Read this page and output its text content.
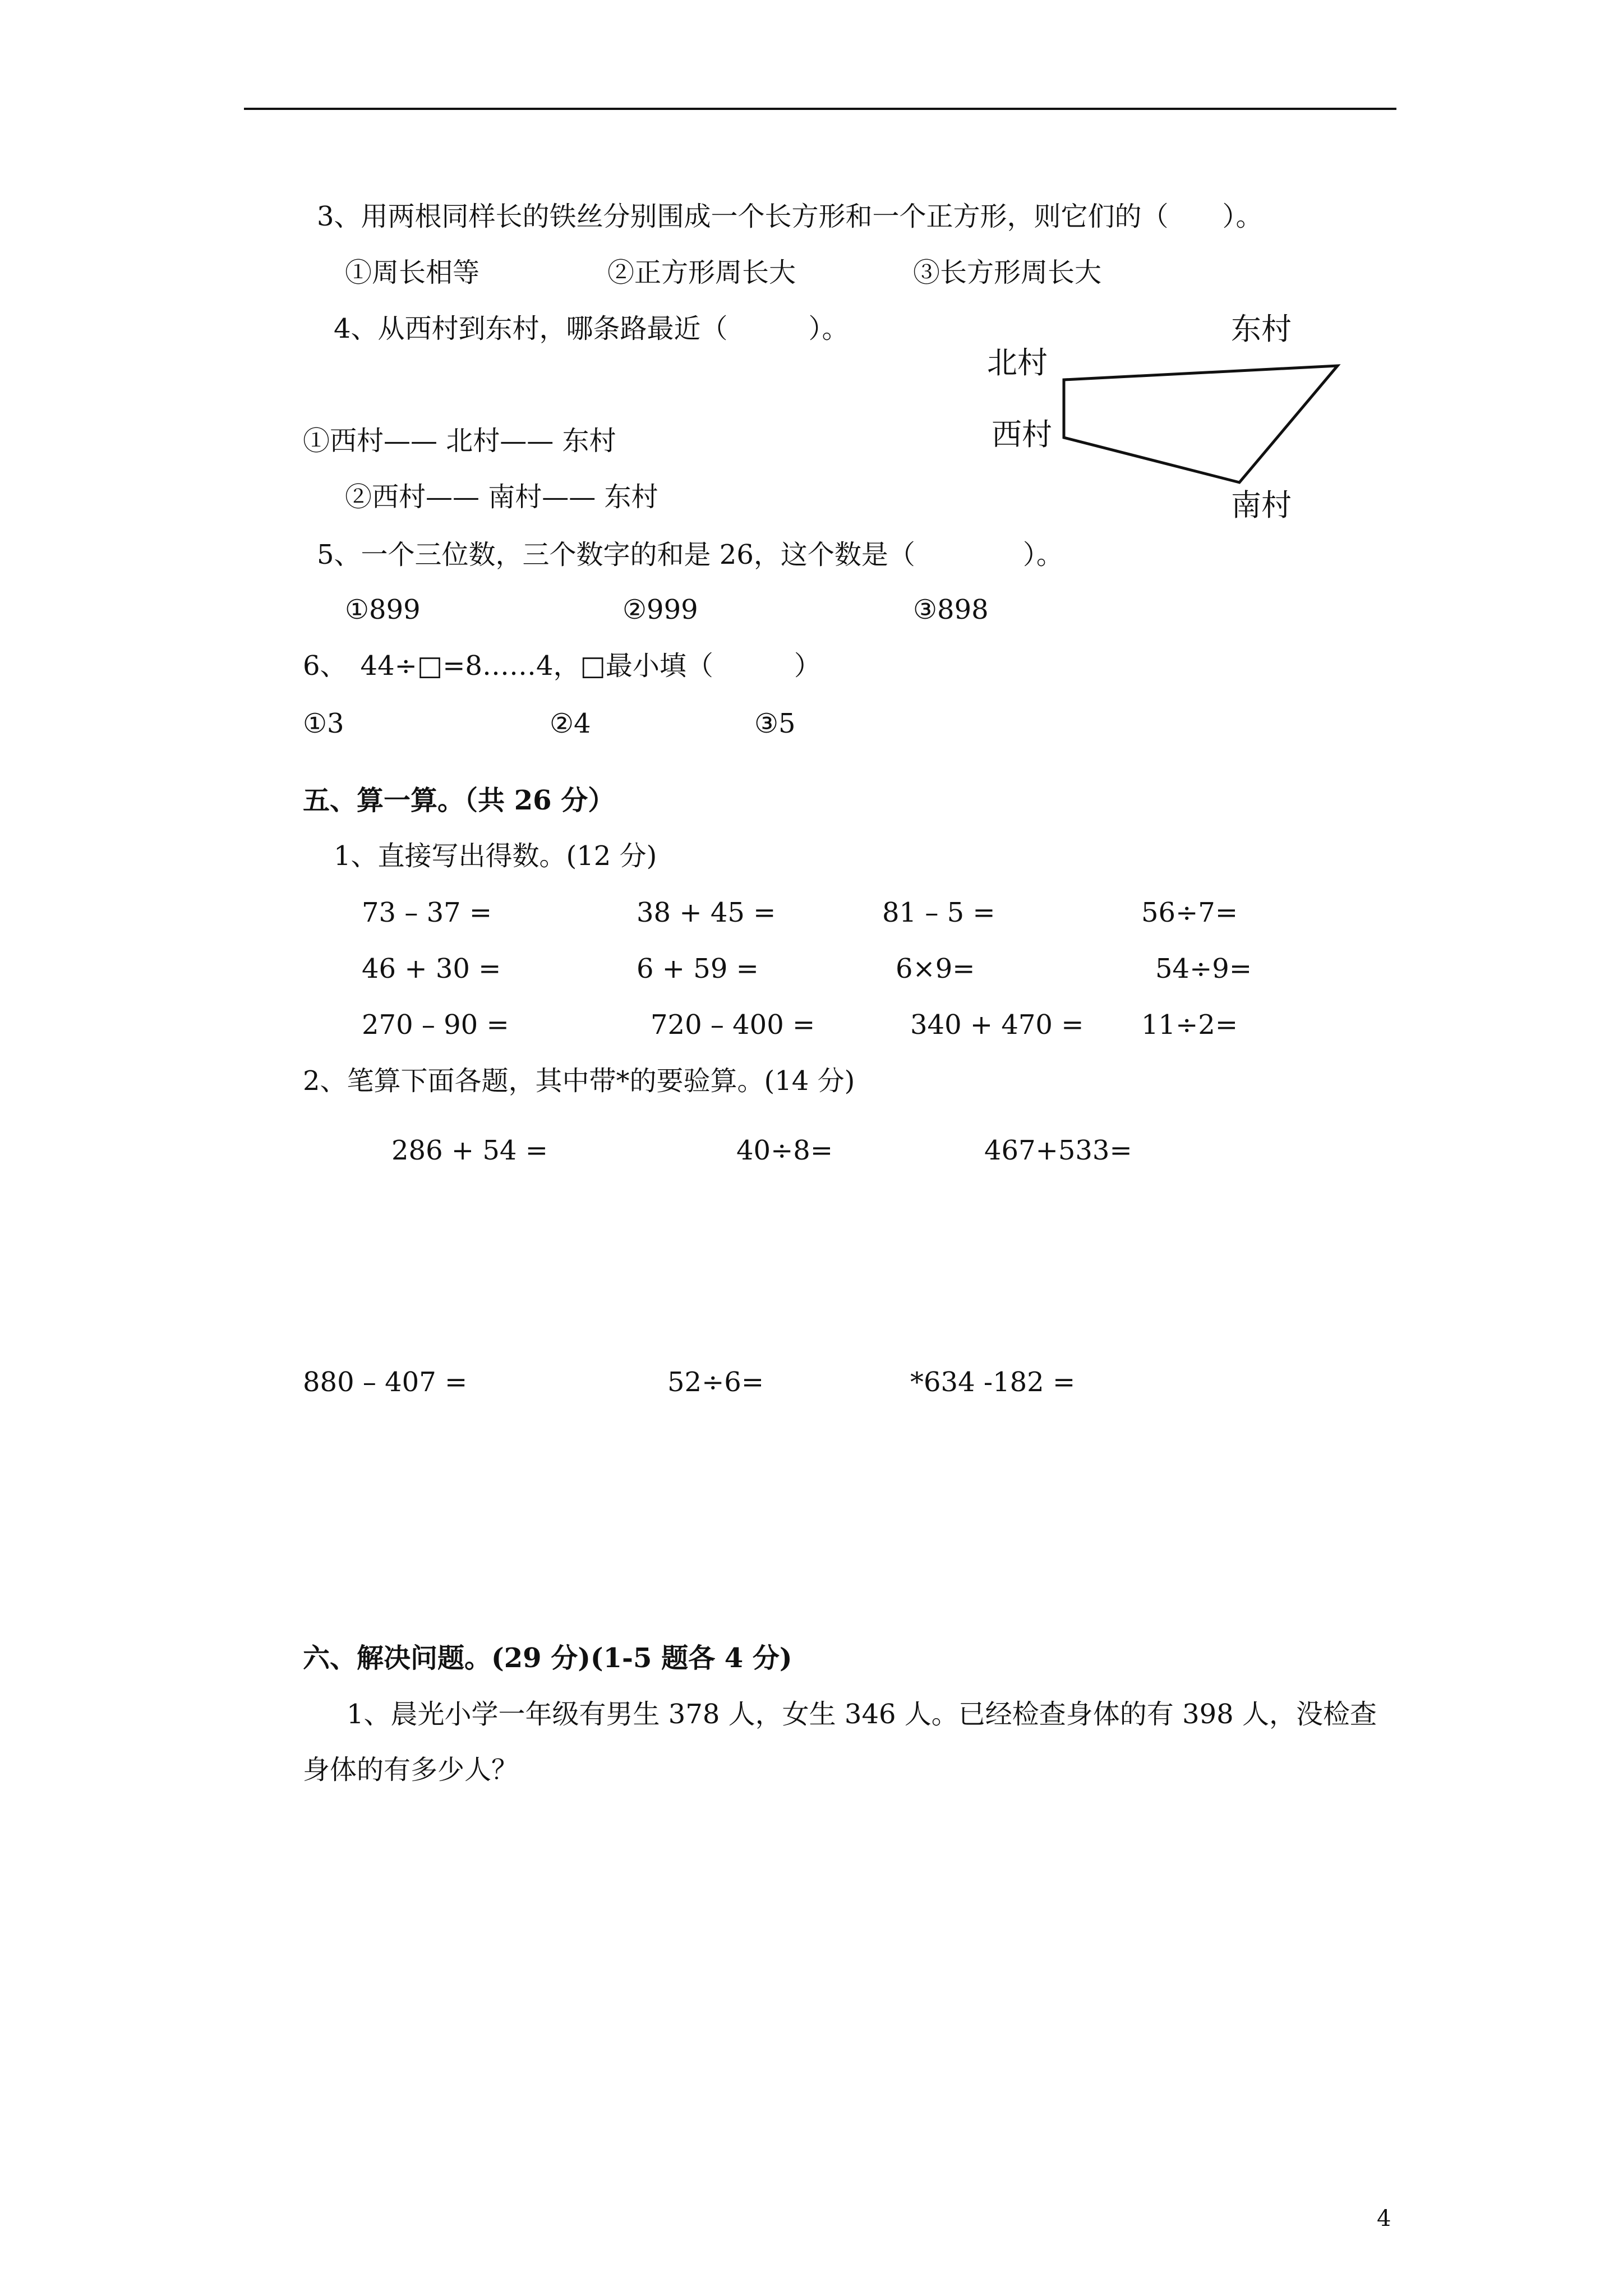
3、用两根同样长的铁丝分别围成一个长方形和一个正方形，则它们的（　　）。
①周长相等	②正方形周长大	③长方形周长大
4、从西村到东村，哪条路最近（　　　）。
①西村—— 北村—— 东村
②西村—— 南村—— 东村
东村
北村
西村
南村
5、一个三位数，三个数字的和是 26，这个数是（　　　　）。
①899	②999	③898
6、　44÷□=8……4，□最小填（　　　）
①3	②4	③5
五、算一算。（共 26 分）
1、直接写出得数。(12 分)
73 – 37 =	38 + 45 =	81 – 5 =	56÷7=
46 + 30 =	6 + 59 =	6×9=	54÷9=
270 – 90 =	720 – 400 =	340 + 470 = 11÷2=
2、笔算下面各题，其中带*的要验算。(14 分)
286 + 54 =	40÷8=	467+533=
880 – 407 =	52÷6=	*634 -182 =
六、解决问题。(29 分)(1-5 题各 4 分)
1、晨光小学一年级有男生 378 人，女生 346 人。已经检查身体的有 398 人，没检查
身体的有多少人？
4
